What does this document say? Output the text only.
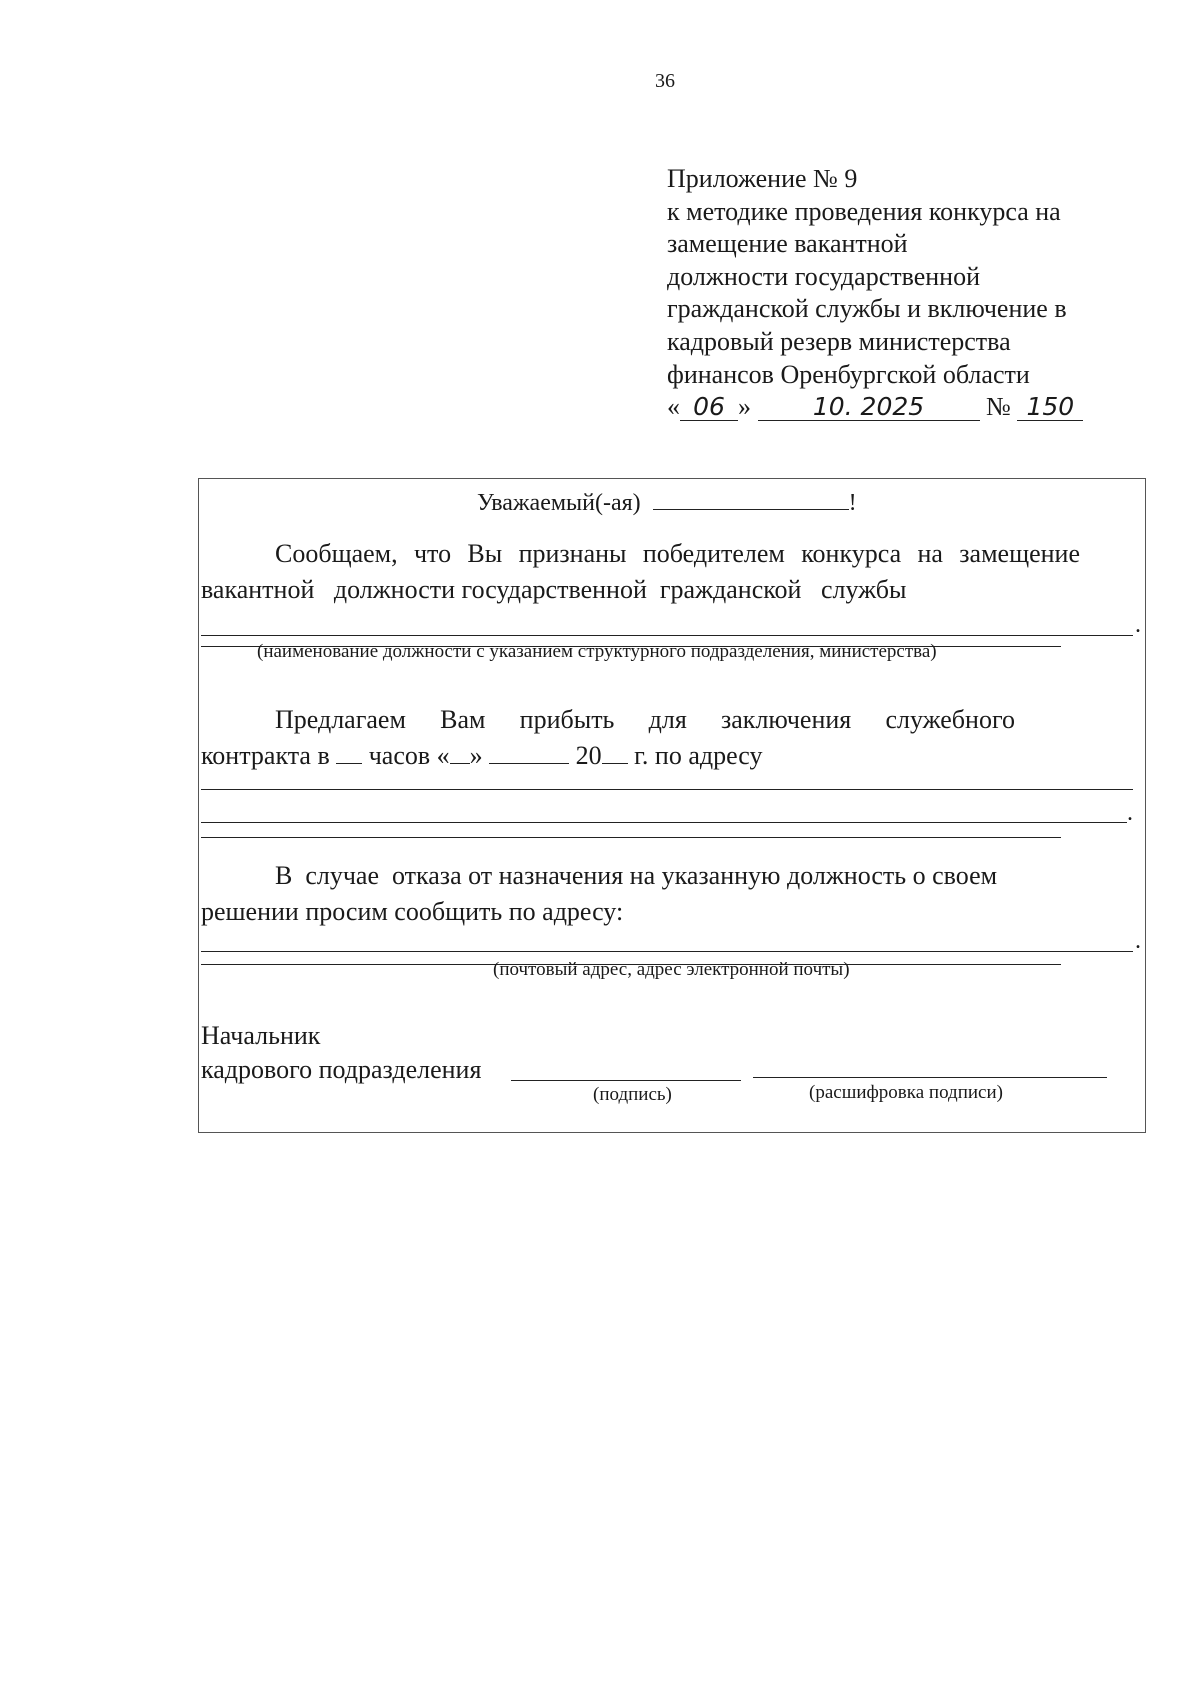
36
Приложение № 9
к методике проведения конкурса на
замещение вакантной
должности государственной
гражданской службы и включение в
кадровый резерв министерства
финансов Оренбургской области
« 06 » 10. 2025 № 150
Уважаемый(-ая)	!
Сообщаем, что Вы признаны победителем конкурса на замещение
вакантной   должности государственной  гражданской   службы
.
(наименование должности с указанием структурного подразделения, министерства)
Предлагаем Вам прибыть для заключения служебного
контракта в часов « »	20 г. по адресу
.
В  случае  отказа от назначения на указанную должность о своем
решении просим сообщить по адресу:
.
(почтовый адрес, адрес электронной почты)
Начальник
кадрового подразделения
(подпись)	(расшифровка подписи)
